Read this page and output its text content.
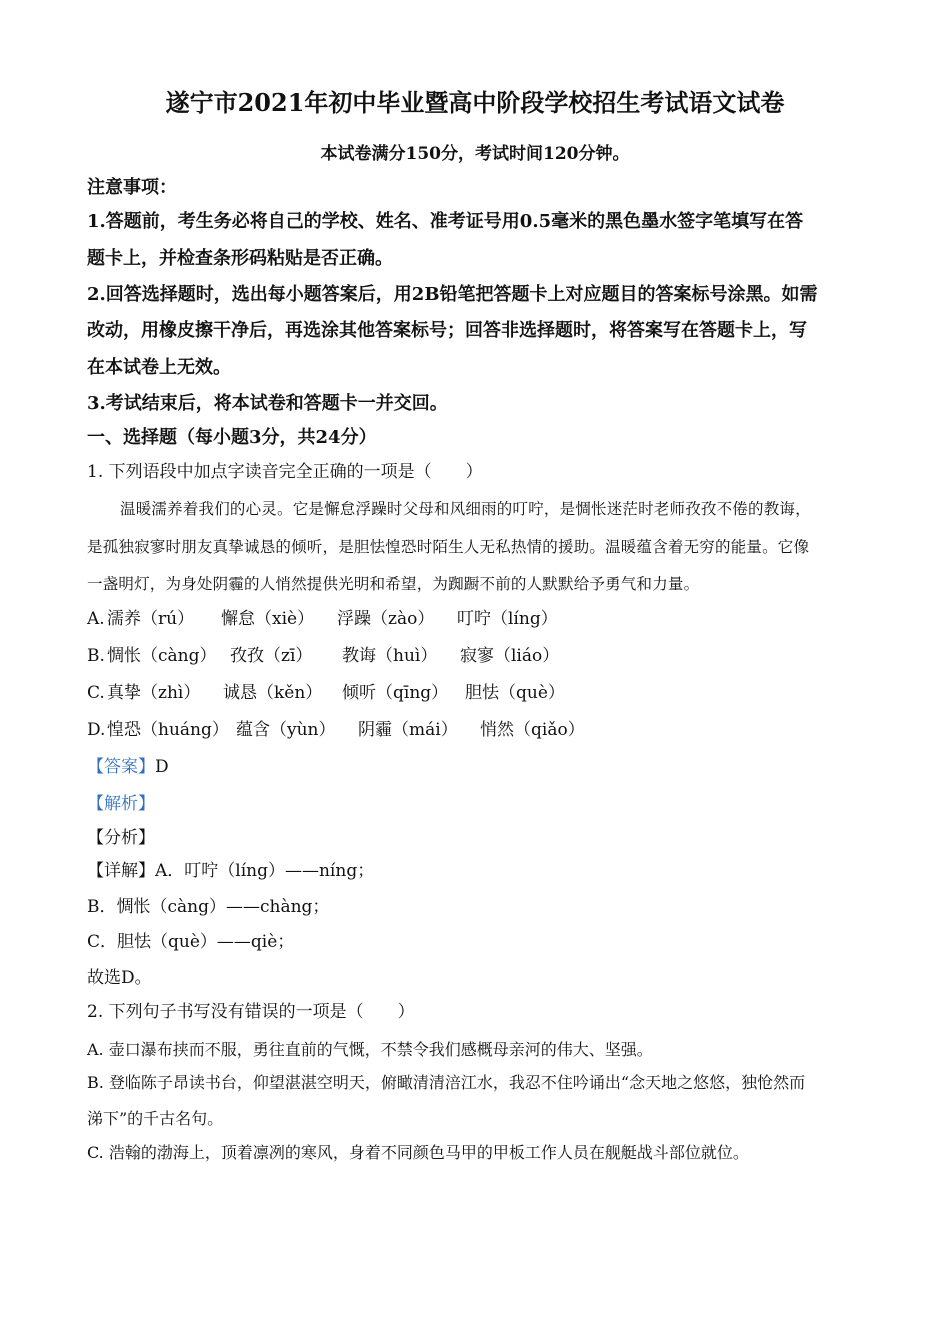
遂宁市2021年初中毕业暨高中阶段学校招生考试语文试卷
本试卷满分150分，考试时间120分钟。
注意事项：
1.答题前，考生务必将自己的学校、姓名、准考证号用0.5毫米的黑色墨水签字笔填写在答
题卡上，并检查条形码粘贴是否正确。
2.回答选择题时，选出每小题答案后，用2B铅笔把答题卡上对应题目的答案标号涂黑。如需
改动，用橡皮擦干净后，再选涂其他答案标号；回答非选择题时，将答案写在答题卡上，写
在本试卷上无效。
3.考试结束后，将本试卷和答题卡一并交回。
一、选择题（每小题3分，共24分）
1. 下列语段中加点字读音完全正确的一项是（　　）
温暖濡养着我们的心灵。它是懈怠浮躁时父母和风细雨的叮咛，是惆怅迷茫时老师孜孜不倦的教诲，
是孤独寂寥时朋友真挚诚恳的倾听，是胆怯惶恐时陌生人无私热情的援助。温暖蕴含着无穷的能量。它像
一盏明灯，为身处阴霾的人悄然提供光明和希望，为踟蹰不前的人默默给予勇气和力量。
A. 濡养（rú） 懈怠（xiè） 浮躁（zào） 叮咛（líng）
B. 惆怅（càng） 孜孜（zī） 教诲（huì） 寂寥（liáo）
C. 真挚（zhì） 诚恳（kěn） 倾听（qīng） 胆怯（què）
D. 惶恐（huáng） 蕴含（yùn） 阴霾（mái） 悄然（qiǎo）
【答案】D
【解析】
【分析】
【详解】A．叮咛（líng）——níng；
B．惆怅（càng）——chàng；
C．胆怯（què）——qiè；
故选D。
2. 下列句子书写没有错误的一项是（　　）
A. 壶口瀑布挟而不服，勇往直前的气慨，不禁令我们感概母亲河的伟大、坚强。
B. 登临陈子昂读书台，仰望湛湛空明天，俯瞰清清涪江水，我忍不住吟诵出“念天地之悠悠，独怆然而
涕下”的千古名句。
C. 浩翰的渤海上，顶着凛冽的寒风，身着不同颜色马甲的甲板工作人员在舰艇战斗部位就位。
